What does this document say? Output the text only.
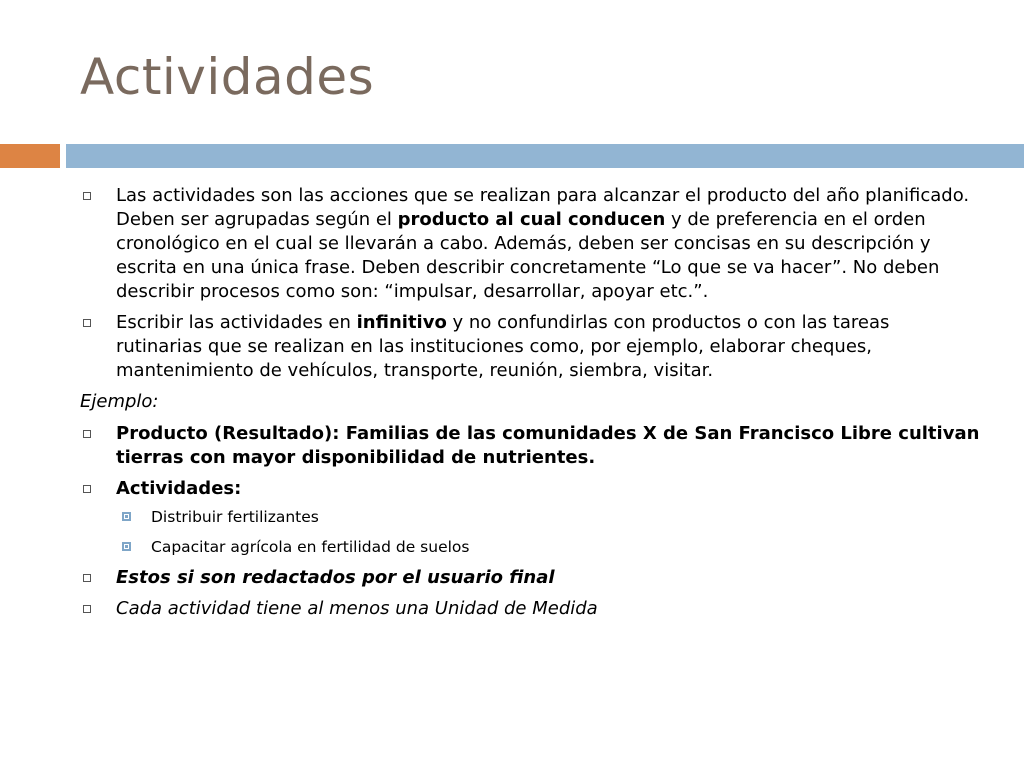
Actividades
Las actividades son las acciones que se realizan para alcanzar el producto del año planificado. Deben ser agrupadas según el producto al cual conducen y de preferencia en el orden cronológico en el cual se llevarán a cabo. Además, deben ser concisas en su descripción y escrita en una única frase. Deben describir concretamente “Lo que se va hacer”. No deben describir procesos como son: “impulsar, desarrollar, apoyar etc.”.
Escribir las actividades en infinitivo y no confundirlas con productos o con las tareas rutinarias que se realizan en las instituciones como, por ejemplo, elaborar cheques, mantenimiento de vehículos, transporte, reunión, siembra, visitar.
Ejemplo:
Producto (Resultado): Familias de las comunidades X de San Francisco Libre cultivan tierras con mayor disponibilidad de nutrientes.
Actividades:
Distribuir fertilizantes
Capacitar agrícola en fertilidad de suelos
Estos si son redactados por el usuario final
Cada actividad tiene al menos una Unidad de Medida
